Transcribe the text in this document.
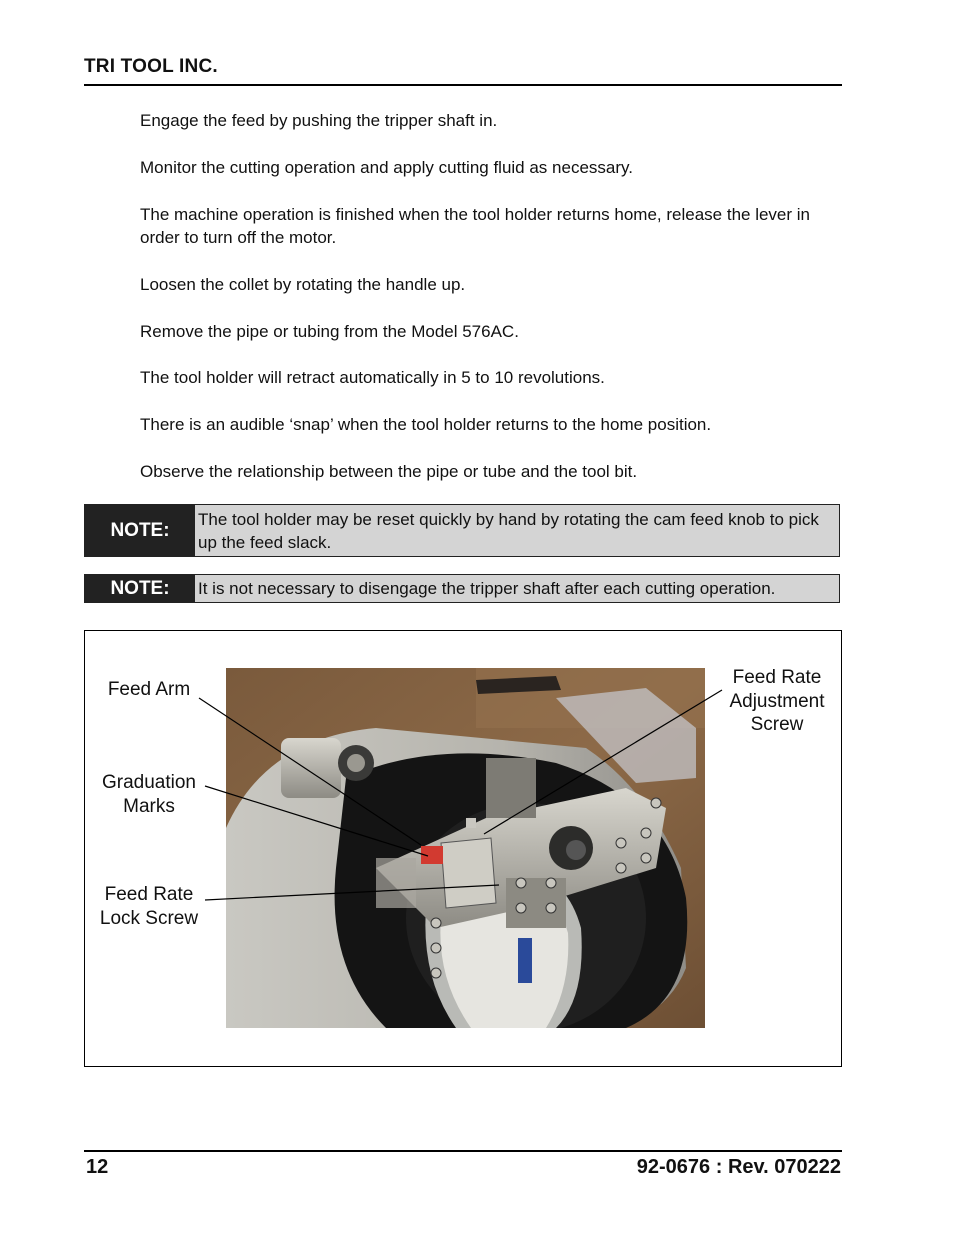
TRI TOOL INC.
Engage the feed by pushing the tripper shaft in.
Monitor the cutting operation and apply cutting fluid as necessary.
The machine operation is finished when the tool holder returns home, release the lever in order to turn off the motor.
Loosen the collet by rotating the handle up.
Remove the pipe or tubing from the Model 576AC.
The tool holder will retract automatically in 5 to 10 revolutions.
There is an audible ‘snap’ when the tool holder returns to the home position.
Observe the relationship between the pipe or tube and the tool bit.
NOTE:	The tool holder may be reset quickly by hand by rotating the cam feed knob to pick up the feed slack.
NOTE:	It is not necessary to disengage the tripper shaft after each cutting operation.
Feed Arm
Graduation
Marks
Feed Rate
Lock Screw
Feed Rate
Adjustment
Screw
12	92-0676 : Rev. 070222
